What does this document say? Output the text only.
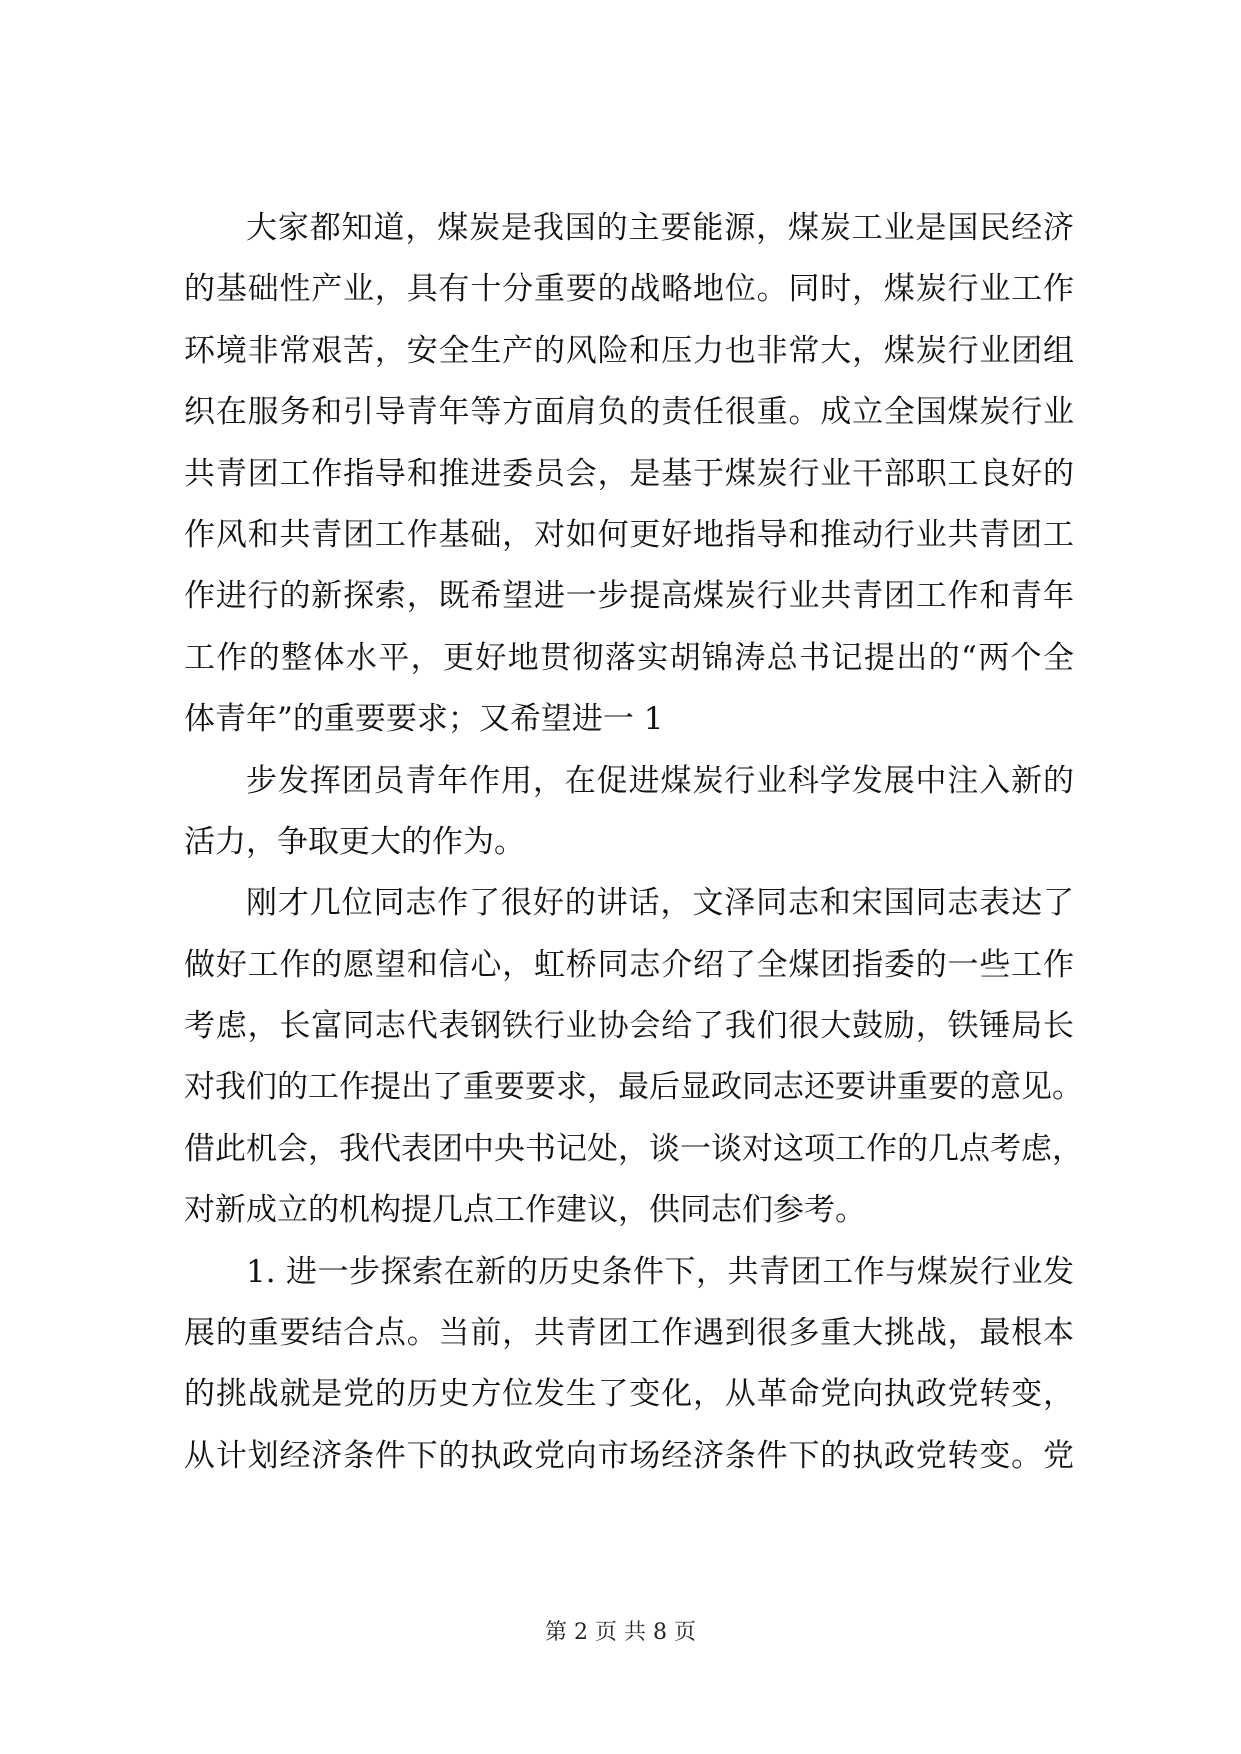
大家都知道，煤炭是我国的主要能源，煤炭工业是国民经济
的基础性产业，具有十分重要的战略地位。同时，煤炭行业工作
环境非常艰苦，安全生产的风险和压力也非常大，煤炭行业团组
织在服务和引导青年等方面肩负的责任很重。成立全国煤炭行业
共青团工作指导和推进委员会，是基于煤炭行业干部职工良好的
作风和共青团工作基础，对如何更好地指导和推动行业共青团工
作进行的新探索，既希望进一步提高煤炭行业共青团工作和青年
工作的整体水平，更好地贯彻落实胡锦涛总书记提出的“两个全
体青年”的重要要求；又希望进一 1
步发挥团员青年作用，在促进煤炭行业科学发展中注入新的
活力，争取更大的作为。
刚才几位同志作了很好的讲话，文泽同志和宋国同志表达了
做好工作的愿望和信心，虹桥同志介绍了全煤团指委的一些工作
考虑，长富同志代表钢铁行业协会给了我们很大鼓励，铁锤局长
对我们的工作提出了重要要求，最后显政同志还要讲重要的意见。
借此机会，我代表团中央书记处，谈一谈对这项工作的几点考虑，
对新成立的机构提几点工作建议，供同志们参考。
1. 进一步探索在新的历史条件下，共青团工作与煤炭行业发
展的重要结合点。当前，共青团工作遇到很多重大挑战，最根本
的挑战就是党的历史方位发生了变化，从革命党向执政党转变，
从计划经济条件下的执政党向市场经济条件下的执政党转变。党
第 2 页 共 8 页
